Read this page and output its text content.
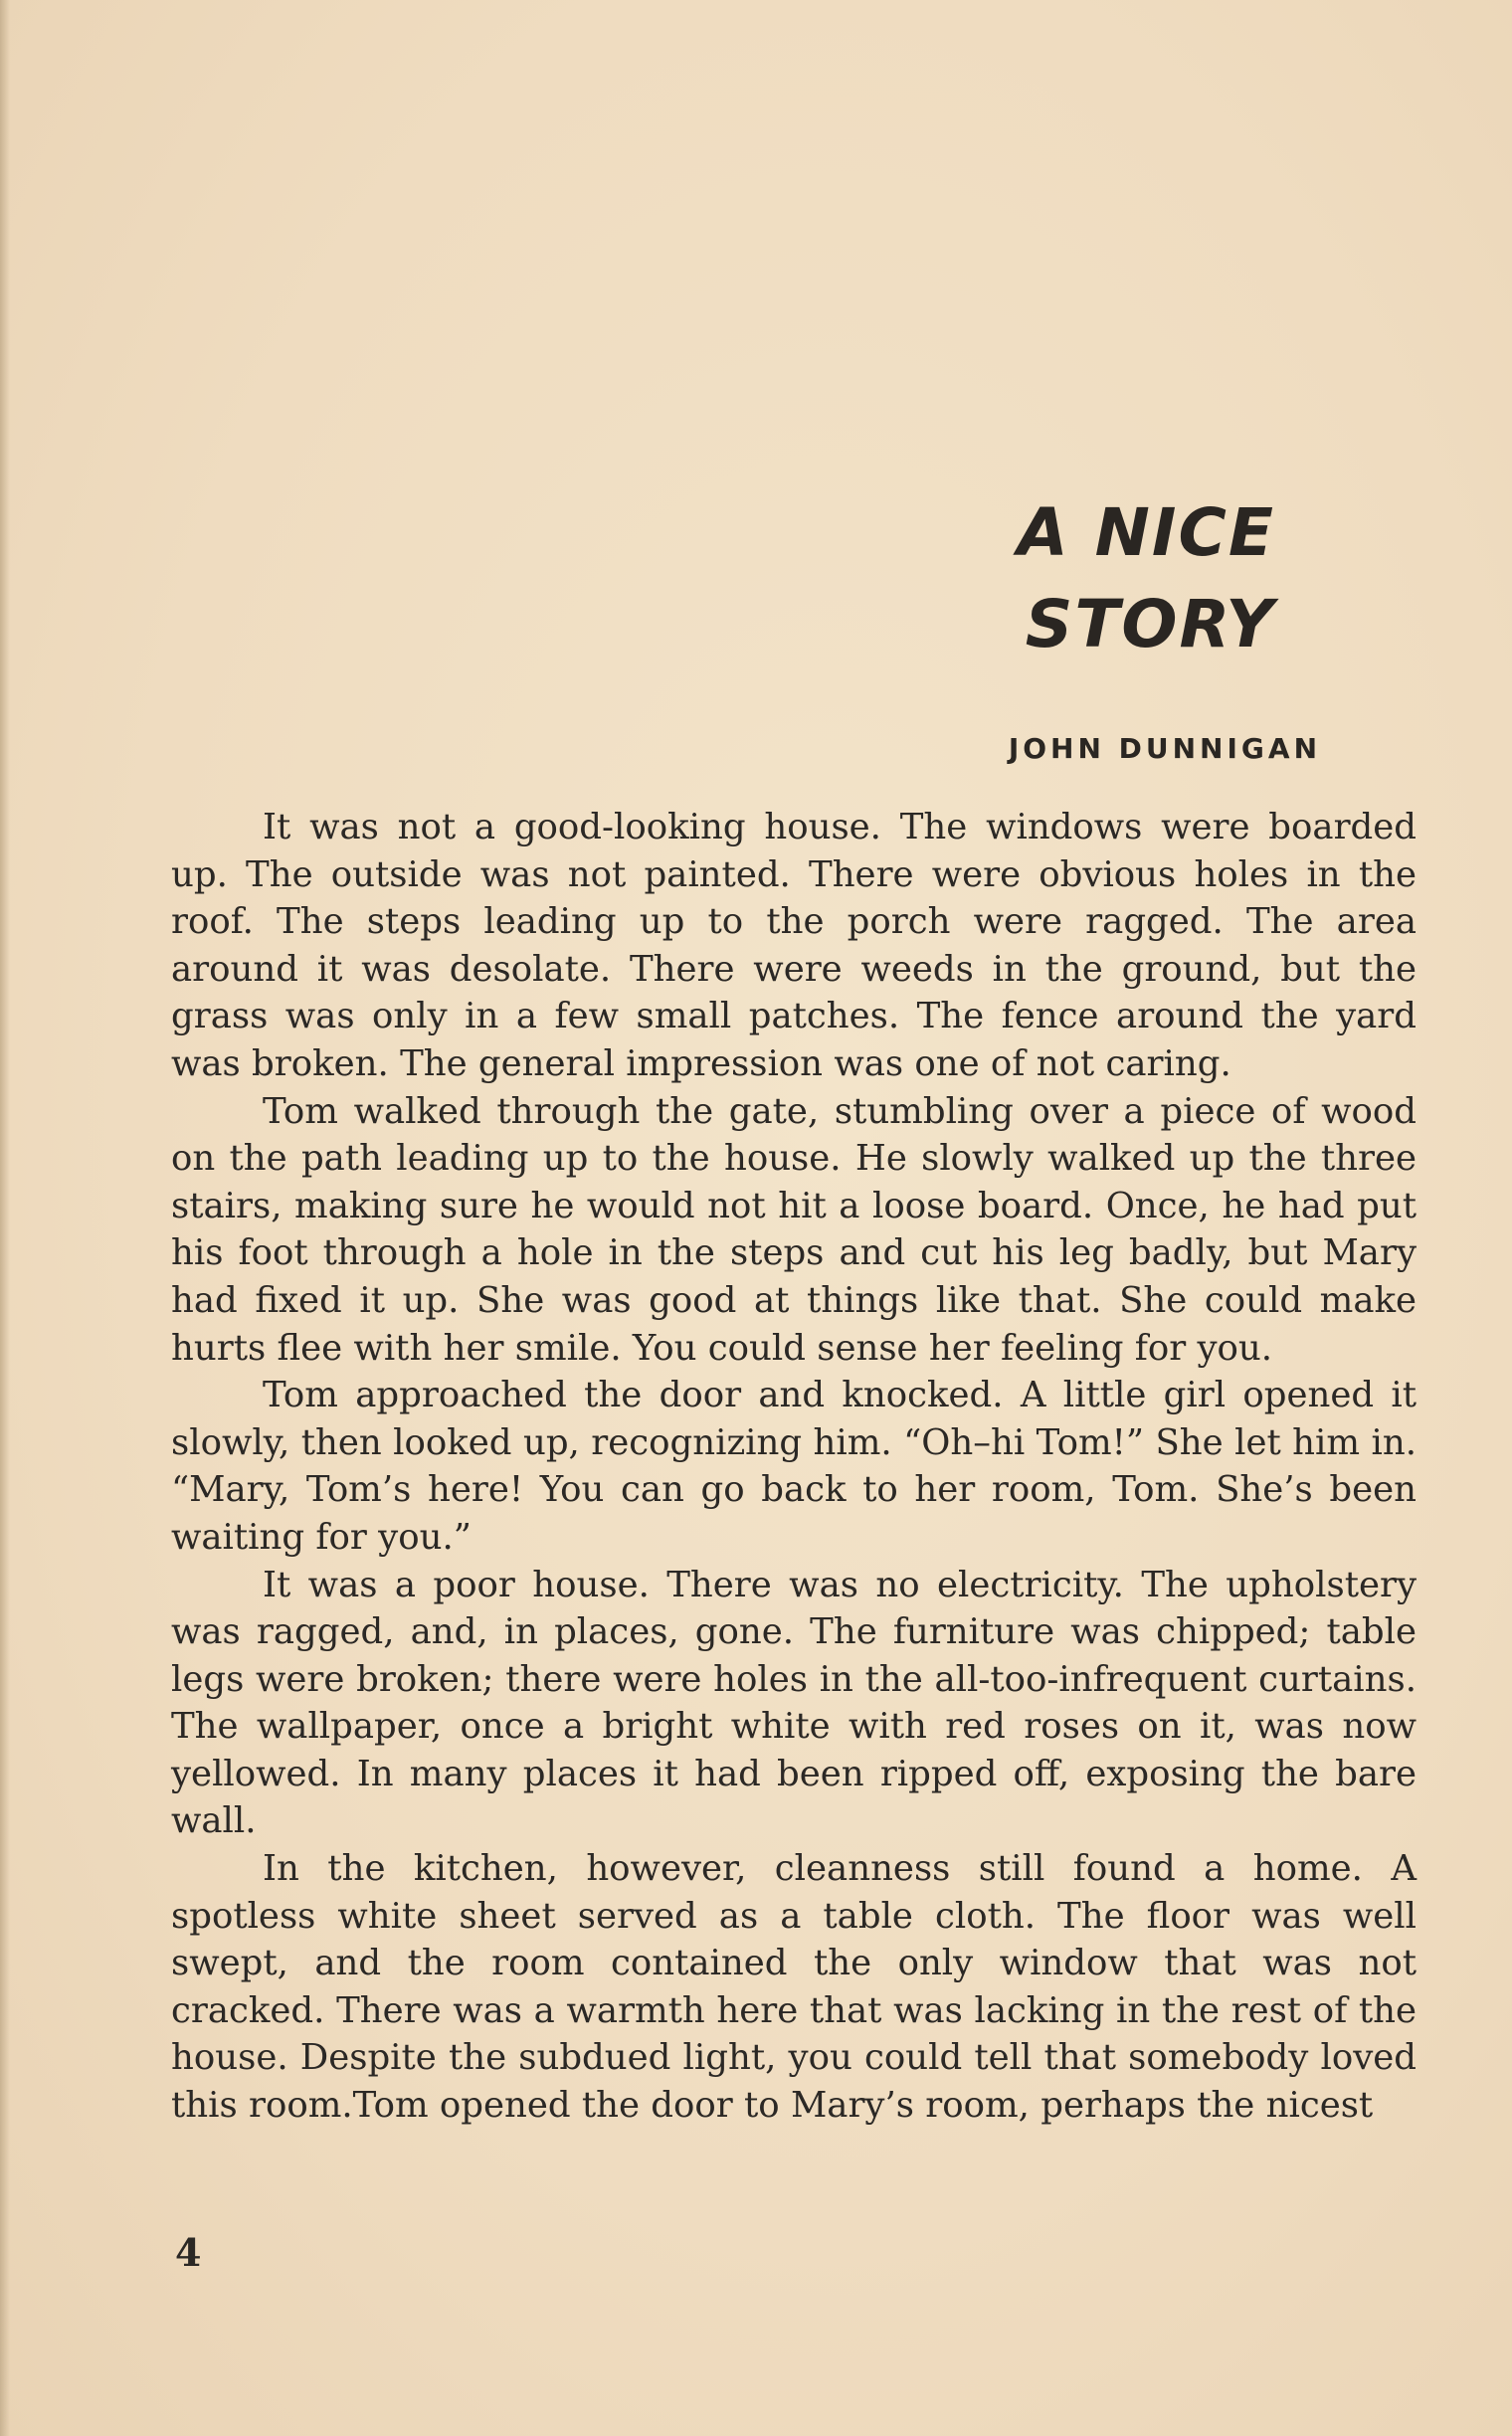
A NICE
STORY
JOHN DUNNIGAN

It was not a good-looking house. The windows were boarded up. The outside was not painted. There were obvious holes in the roof. The steps leading up to the porch were ragged. The area around it was desolate. There were weeds in the ground, but the grass was only in a few small patches. The fence around the yard was broken. The general impression was one of not caring.

Tom walked through the gate, stumbling over a piece of wood on the path leading up to the house. He slowly walked up the three stairs, making sure he would not hit a loose board. Once, he had put his foot through a hole in the steps and cut his leg badly, but Mary had fixed it up. She was good at things like that. She could make hurts flee with her smile. You could sense her feeling for you.

Tom approached the door and knocked. A little girl opened it slowly, then looked up, recognizing him. “Oh–hi Tom!” She let him in. “Mary, Tom’s here! You can go back to her room, Tom. She’s been waiting for you.”

It was a poor house. There was no electricity. The upholstery was ragged, and, in places, gone. The furniture was chipped; table legs were broken; there were holes in the all-too-infrequent curtains. The wallpaper, once a bright white with red roses on it, was now yellowed. In many places it had been ripped off, exposing the bare wall.

In the kitchen, however, cleanness still found a home. A spotless white sheet served as a table cloth. The floor was well swept, and the room contained the only window that was not cracked. There was a warmth here that was lacking in the rest of the house. Despite the subdued light, you could tell that somebody loved this room.Tom opened the door to Mary’s room, perhaps the nicest

4
